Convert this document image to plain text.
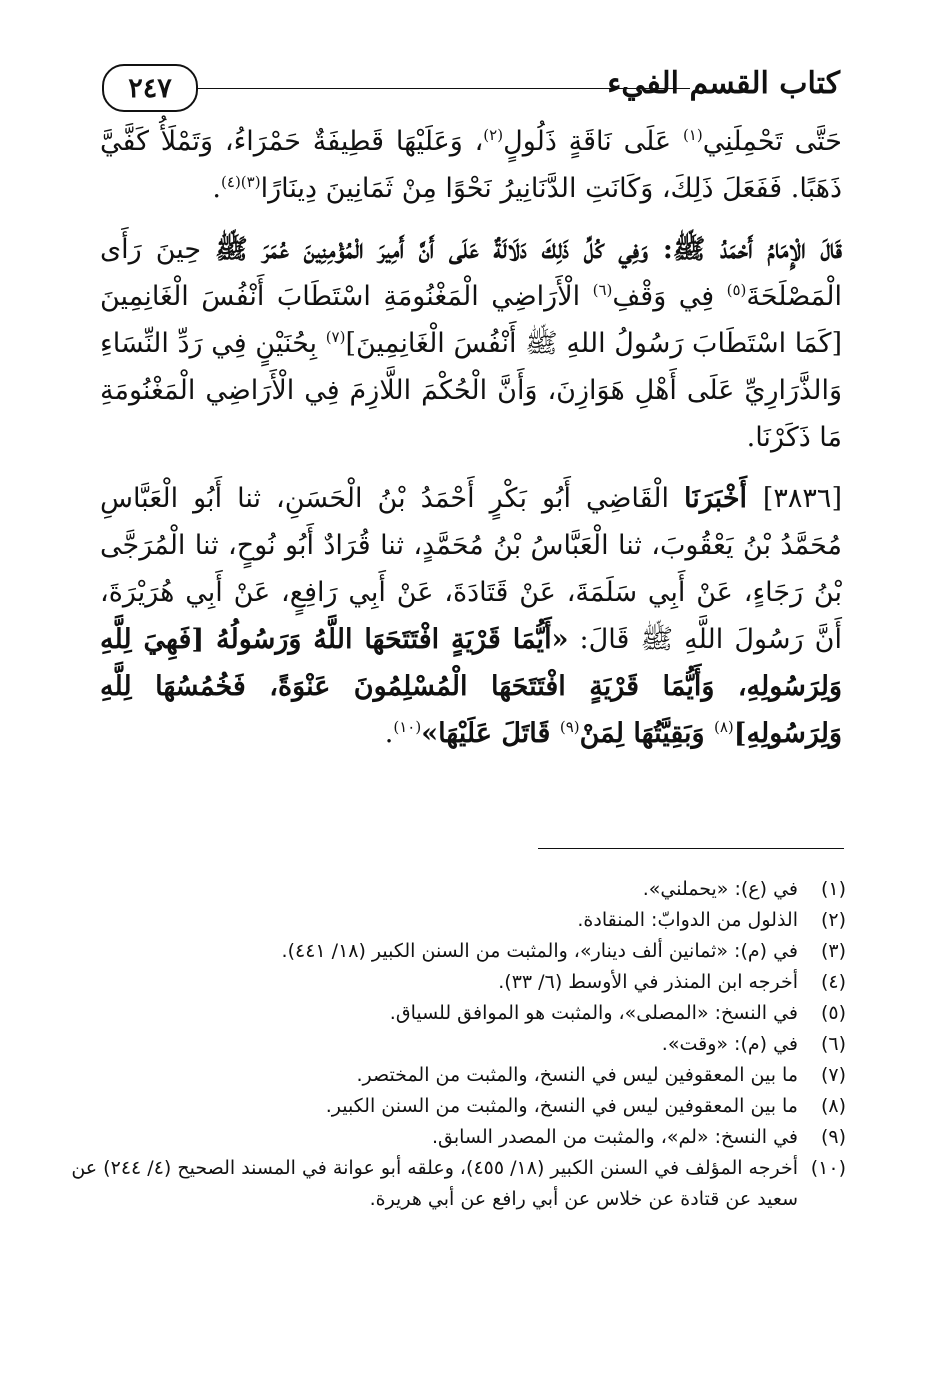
كتاب القسم الفيء
٢٤٧

حَتَّى تَحْمِلَنِي$^{(١)}$ عَلَى نَاقَةٍ ذَلُولٍ$^{(٢)}$، وَعَلَيْهَا قَطِيفَةٌ حَمْرَاءُ، وَتَمْلَأُ كَفَّيَّ ذَهَبًا. فَفَعَلَ ذَلِكَ، وَكَانَتِ الدَّنَانِيرُ نَحْوًا مِنْ ثَمَانِينَ دِينَارًا$^{(٣)(٤)}$.

قَالَ الْإِمَامُ أَحْمَدُ ﷺ: وَفِي كُلِّ ذَلِكَ دَلَالَةٌ عَلَى أَنَّ أَمِيرَ الْمُؤْمِنِينَ عُمَرَ ﷺ حِينَ رَأَى الْمَصْلَحَةَ$^{(٥)}$ فِي وَقْفِ$^{(٦)}$ الْأَرَاضِي الْمَغْنُومَةِ اسْتَطَابَ أَنْفُسَ الْغَانِمِينَ [كَمَا اسْتَطَابَ رَسُولُ اللهِ ﷺ أَنْفُسَ الْغَانِمِينَ]$^{(٧)}$ بِحُنَيْنٍ فِي رَدِّ النِّسَاءِ وَالذَّرَارِيِّ عَلَى أَهْلِ هَوَازِنَ، وَأَنَّ الْحُكْمَ اللَّازِمَ فِي الْأَرَاضِي الْمَغْنُومَةِ مَا ذَكَرْنَا.

[٣٨٣٦] أَخْبَرَنَا الْقَاضِي أَبُو بَكْرٍ أَحْمَدُ بْنُ الْحَسَنِ، ثنا أَبُو الْعَبَّاسِ مُحَمَّدُ بْنُ يَعْقُوبَ، ثنا الْعَبَّاسُ بْنُ مُحَمَّدٍ، ثنا قُرَادٌ أَبُو نُوحٍ، ثنا الْمُرَجَّى بْنُ رَجَاءٍ، عَنْ أَبِي سَلَمَةَ، عَنْ قَتَادَةَ، عَنْ أَبِي رَافِعٍ، عَنْ أَبِي هُرَيْرَةَ، أَنَّ رَسُولَ اللَّهِ ﷺ قَالَ: «أَيُّمَا قَرْيَةٍ افْتَتَحَهَا اللَّهُ وَرَسُولُهُ [فَهِيَ لِلَّهِ وَلِرَسُولِهِ، وَأَيُّمَا قَرْيَةٍ افْتَتَحَهَا الْمُسْلِمُونَ عَنْوَةً، فَخُمُسُهَا لِلَّهِ وَلِرَسُولِهِ]$^{(٨)}$ وَبَقِيَّتُهَا لِمَنْ$^{(٩)}$ قَاتَلَ عَلَيْهَا»$^{(١٠)}$.

(١)
في (ع): «يحملني».
(٢)
الذلول من الدوابّ: المنقادة.
(٣)
في (م): «ثمانين ألف دينار»، والمثبت من السنن الكبير (١٨/ ٤٤١).
(٤)
أخرجه ابن المنذر في الأوسط (٦/ ٣٣).
(٥)
في النسخ: «المصلى»، والمثبت هو الموافق للسياق.
(٦)
في (م): «وقت».
(٧)
ما بين المعقوفين ليس في النسخ، والمثبت من المختصر.
(٨)
ما بين المعقوفين ليس في النسخ، والمثبت من السنن الكبير.
(٩)
في النسخ: «لم»، والمثبت من المصدر السابق.
(١٠)
أخرجه المؤلف في السنن الكبير (١٨/ ٤٥٥)، وعلقه أبو عوانة في المسند الصحيح (٤/ ٢٤٤) عن سعيد عن قتادة عن خلاس عن أبي رافع عن أبي هريرة.
